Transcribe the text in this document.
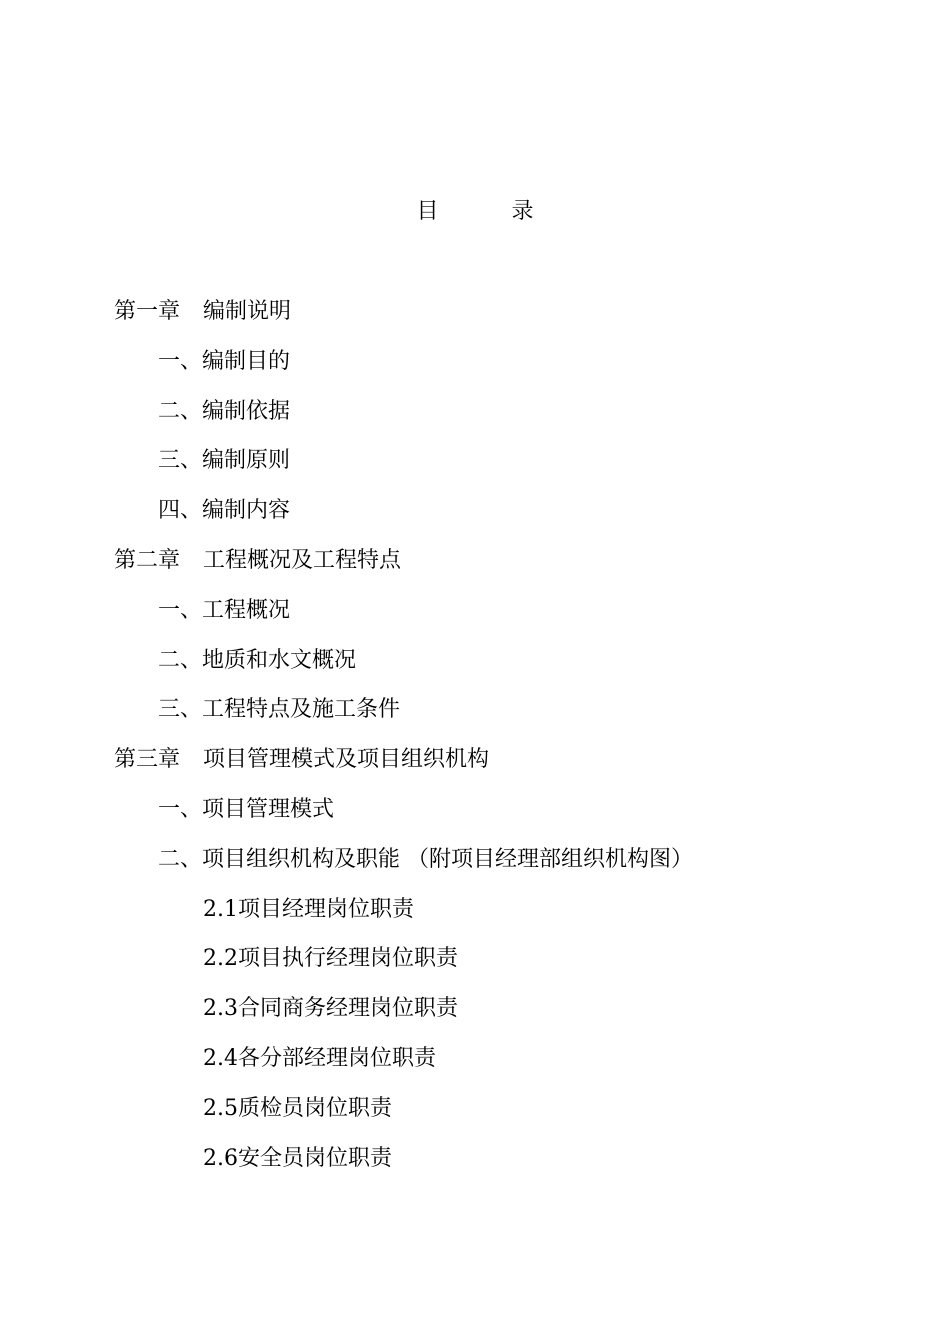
目	录
第一章 编制说明
一、编制目的
二、编制依据
三、编制原则
四、编制内容
第二章 工程概况及工程特点
一、工程概况
二、地质和水文概况
三、工程特点及施工条件
第三章 项目管理模式及项目组织机构
一、项目管理模式
二、项目组织机构及职能 （附项目经理部组织机构图）
2.1项目经理岗位职责
2.2项目执行经理岗位职责
2.3合同商务经理岗位职责
2.4各分部经理岗位职责
2.5质检员岗位职责
2.6安全员岗位职责
